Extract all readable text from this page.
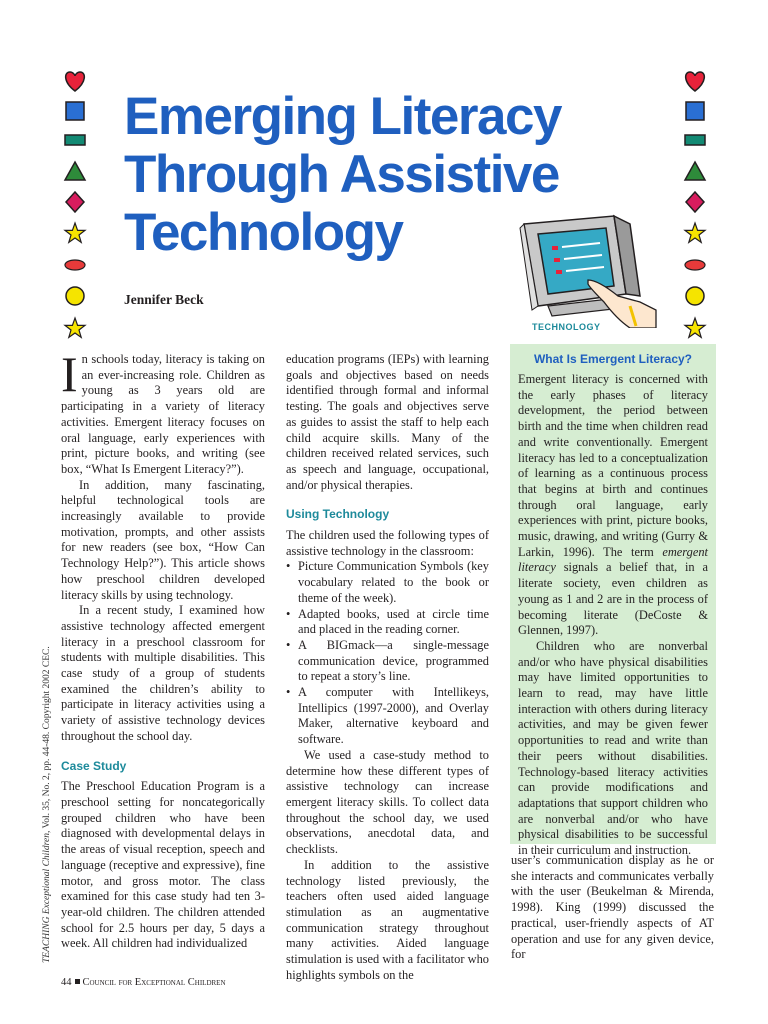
Emerging Literacy
Through Assistive
Technology
Jennifer Beck
TECHNOLOGY

In schools today, literacy is taking on an ever-increasing role. Children as young as 3 years old are participating in a variety of literacy activities. Emergent literacy focuses on oral language, early experiences with print, picture books, and writing (see box, “What Is Emergent Literacy?”).

In addition, many fascinating, helpful technological tools are increasingly available to provide motivation, prompts, and other assists for new readers (see box, “How Can Technology Help?”). This article shows how preschool children developed literacy skills by using technology.

In a recent study, I examined how assistive technology affected emergent literacy in a preschool classroom for students with multiple disabilities. This case study of a group of students examined the children’s ability to participate in literacy activities using a variety of assistive technology devices throughout the school day.

Case Study

The Preschool Education Program is a preschool setting for noncategorically grouped children who have been diagnosed with developmental delays in the areas of visual reception, speech and language (receptive and expressive), fine motor, and gross motor. The class examined for this case study had ten 3-year-old children. The children attended school for 2.5 hours per day, 5 days a week. All children had individualized

education programs (IEPs) with learning goals and objectives based on needs identified through formal and informal testing. The goals and objectives serve as guides to assist the staff to help each child acquire skills. Many of the children received related services, such as speech and language, occupational, and/or physical therapies.

Using Technology

The children used the following types of assistive technology in the classroom:

• Picture Communication Symbols (key vocabulary related to the book or theme of the week).
• Adapted books, used at circle time and placed in the reading corner.
• A BIGmack—a single-message communication device, programmed to repeat a story’s line.
• A computer with Intellikeys, Intellipics (1997-2000), and Overlay Maker, alternative keyboard and software.

We used a case-study method to determine how these different types of assistive technology can increase emergent literacy skills. To collect data throughout the school day, we used observations, anecdotal data, and checklists.

In addition to the assistive technology listed previously, the teachers often used aided language stimulation as an augmentative communication strategy throughout many activities. Aided language stimulation is used with a facilitator who highlights symbols on the

What Is Emergent Literacy?

Emergent literacy is concerned with the early phases of literacy development, the period between birth and the time when children read and write conventionally. Emergent literacy has led to a conceptualization of learning as a continuous process that begins at birth and continues through oral language, early experiences with print, picture books, music, drawing, and writing (Gurry & Larkin, 1996). The term emergent literacy signals a belief that, in a literate society, even children as young as 1 and 2 are in the process of becoming literate (DeCoste & Glennen, 1997).

Children who are nonverbal and/or who have physical disabilities may have limited opportunities to learn to read, may have little interaction with others during literacy activities, and may be given fewer opportunities to read and write than their peers without disabilities. Technology-based literacy activities can provide modifications and adaptations that support children who are nonverbal and/or who have physical disabilities to be successful in their curriculum and instruction.

user’s communication display as he or she interacts and communicates verbally with the user (Beukelman & Mirenda, 1998). King (1999) discussed the practical, user-friendly aspects of AT operation and use for any given device, for

TEACHING Exceptional Children, Vol. 35, No. 2, pp. 44-48. Copyright 2002 CEC.
44 Council for Exceptional Children
